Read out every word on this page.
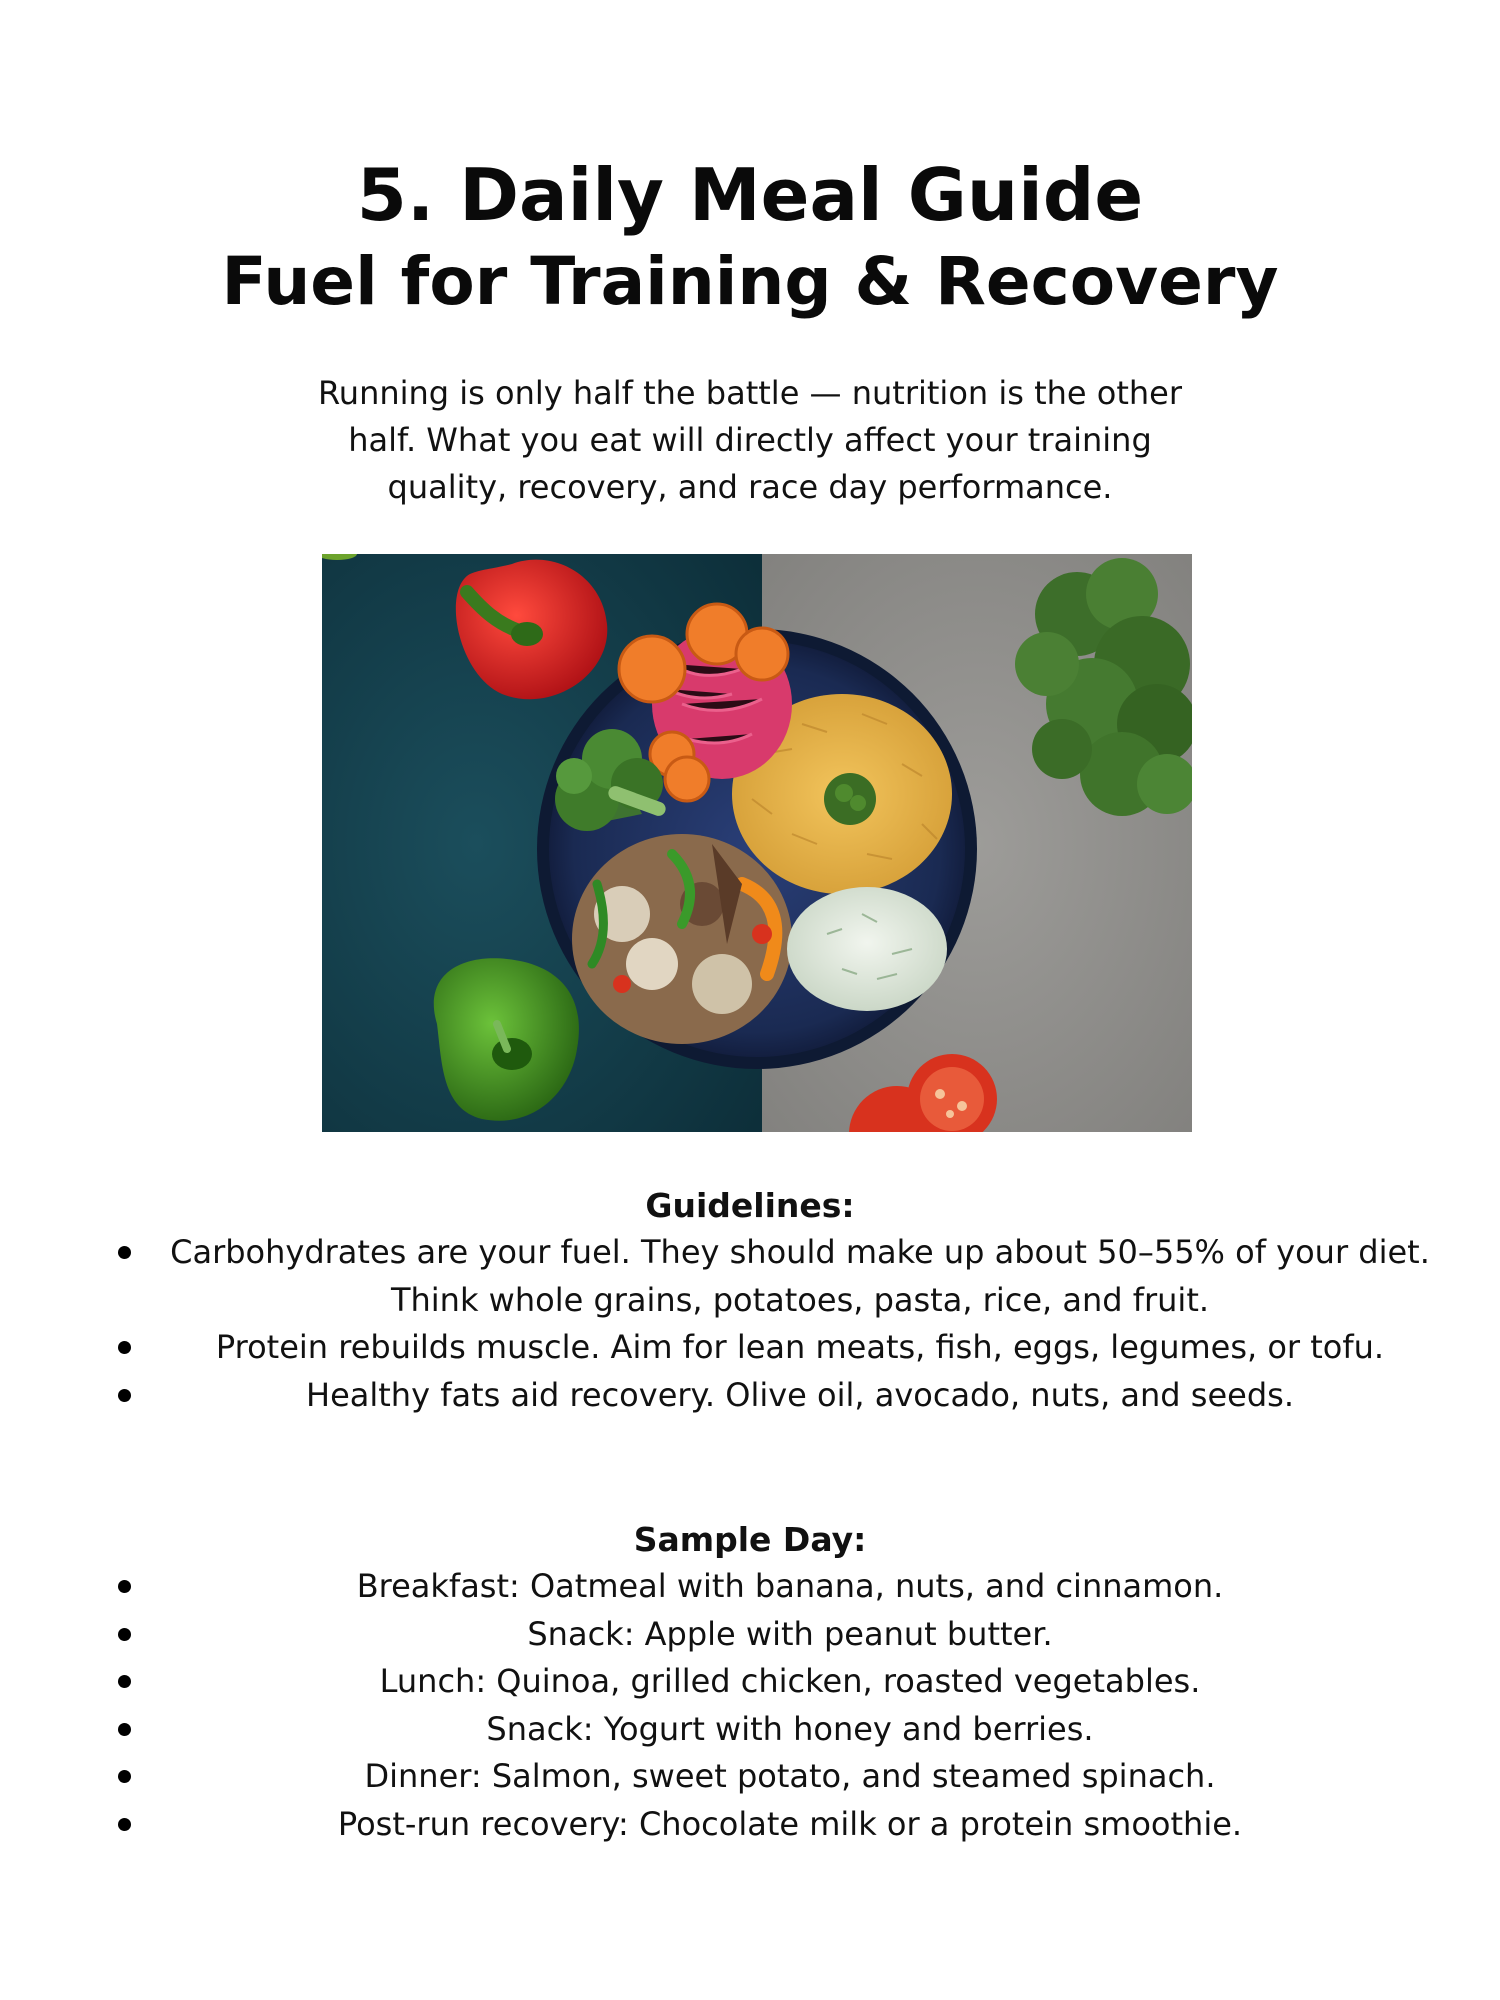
5. Daily Meal Guide
Fuel for Training & Recovery

Running is only half the battle — nutrition is the other half. What you eat will directly affect your training quality, recovery, and race day performance.

Guidelines:
Carbohydrates are your fuel. They should make up about 50–55% of your diet. Think whole grains, potatoes, pasta, rice, and fruit.
Protein rebuilds muscle. Aim for lean meats, fish, eggs, legumes, or tofu.
Healthy fats aid recovery. Olive oil, avocado, nuts, and seeds.
Sample Day:
Breakfast: Oatmeal with banana, nuts, and cinnamon.
Snack: Apple with peanut butter.
Lunch: Quinoa, grilled chicken, roasted vegetables.
Snack: Yogurt with honey and berries.
Dinner: Salmon, sweet potato, and steamed spinach.
Post-run recovery: Chocolate milk or a protein smoothie.
